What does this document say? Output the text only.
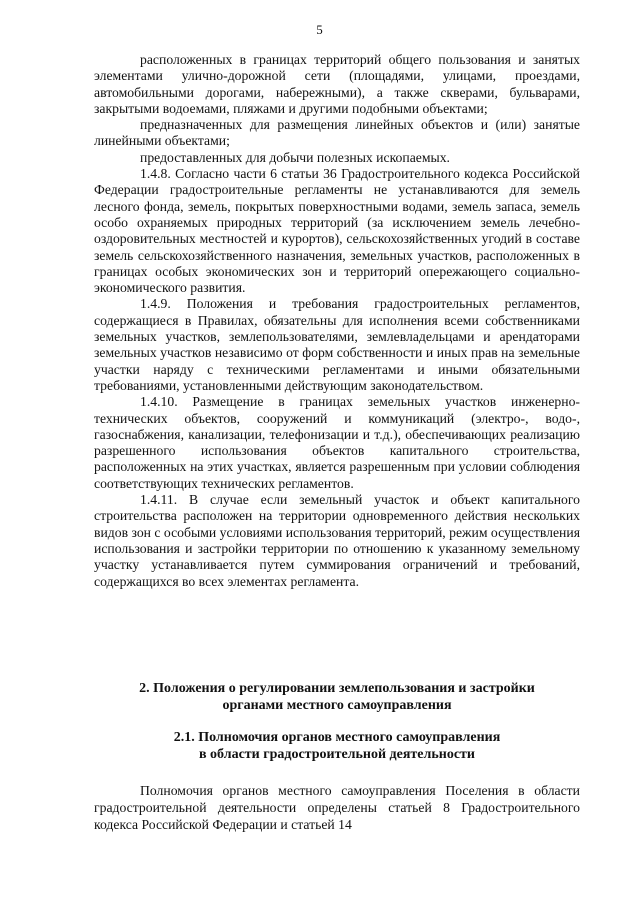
5

расположенных в границах территорий общего пользования и занятых элементами улично-дорожной сети (площадями, улицами, проездами, автомобильными дорогами, набережными), а также скверами, бульварами, закрытыми водоемами, пляжами и другими подобными объектами;

предназначенных для размещения линейных объектов и (или) занятые линейными объектами;

предоставленных для добычи полезных ископаемых.

1.4.8. Согласно части 6 статьи 36 Градостроительного кодекса Российской Федерации градостроительные регламенты не устанавливаются для земель лесного фонда, земель, покрытых поверхностными водами, земель запаса, земель особо охраняемых природных территорий (за исключением земель лечебно-оздоровительных местностей и курортов), сельскохозяйственных угодий в составе земель сельскохозяйственного назначения, земельных участков, расположенных в границах особых экономических зон и территорий опережающего социально-экономического развития.

1.4.9. Положения и требования градостроительных регламентов, содержащиеся в Правилах, обязательны для исполнения всеми собственниками земельных участков, землепользователями, землевладельцами и арендаторами земельных участков независимо от форм собственности и иных прав на земельные участки наряду с техническими регламентами и иными обязательными требованиями, установленными действующим законодательством.

1.4.10. Размещение в границах земельных участков инженерно-технических объектов, сооружений и коммуникаций (электро-, водо-, газоснабжения, канализации, телефонизации и т.д.), обеспечивающих реализацию разрешенного использования объектов капитального строительства, расположенных на этих участках, является разрешенным при условии соблюдения соответствующих технических регламентов.

1.4.11. В случае если земельный участок и объект капитального строительства расположен на территории одновременного действия нескольких видов зон с особыми условиями использования территорий, режим осуществления использования и застройки территории по отношению к указанному земельному участку устанавливается путем суммирования ограничений и требований, содержащихся во всех элементах регламента.

2. Положения о регулировании землепользования и застройки
органами местного самоуправления
2.1. Полномочия органов местного самоуправления
в области градостроительной деятельности

Полномочия органов местного самоуправления Поселения в области градостроительной деятельности определены статьей 8 Градостроительного кодекса Российской Федерации и статьей 14
